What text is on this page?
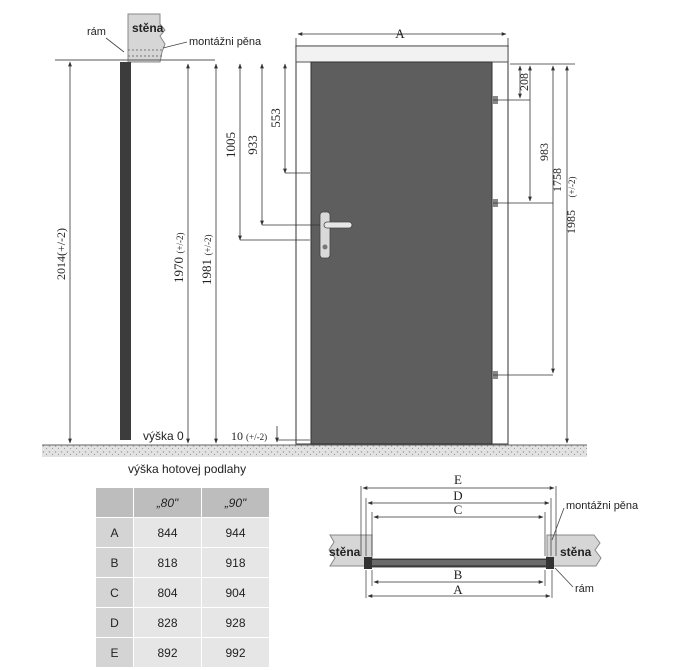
výška hotovej podlahy
rám stěna
montážni pěna
2014(+/-2)	1970
(+/-2)
1981
(+/-2)
výška 0
A
1005 933
553
10 (+/-2)
208
983
1758
1985
(+/-2)
E
D
C
B
A
stěna	stěna
montážni pěna
rám
	„80"	„90"
A	844	944
B	818	918
C	804	904
D	828	928
E	892	992
